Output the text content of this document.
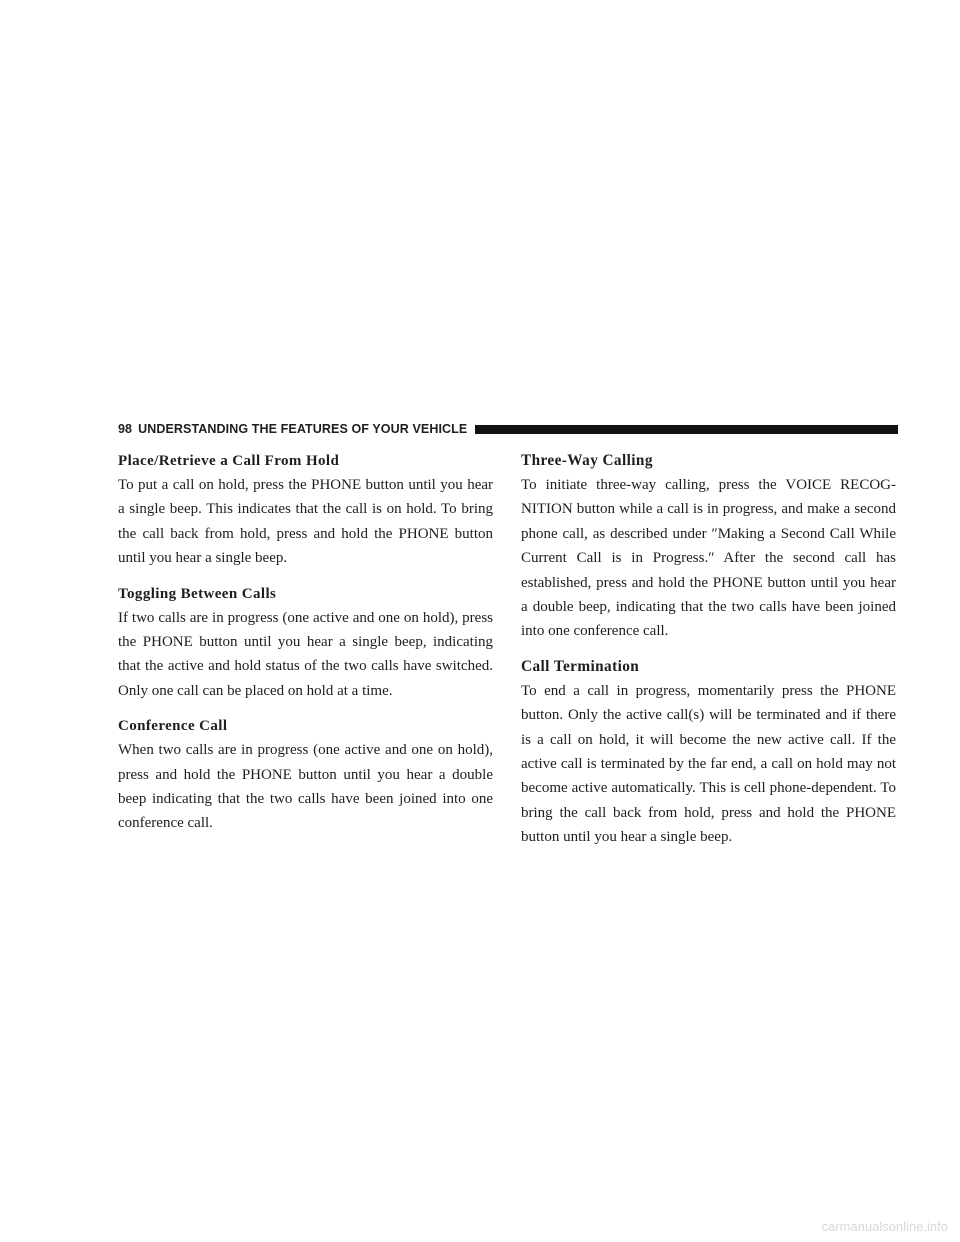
98 UNDERSTANDING THE FEATURES OF YOUR VEHICLE
Place/Retrieve a Call From Hold

To put a call on hold, press the PHONE button until you hear a single beep. This indicates that the call is on hold. To bring the call back from hold, press and hold the PHONE button until you hear a single beep.

Toggling Between Calls

If two calls are in progress (one active and one on hold), press the PHONE button until you hear a single beep, indicating that the active and hold status of the two calls have switched. Only one call can be placed on hold at a time.

Conference Call

When two calls are in progress (one active and one on hold), press and hold the PHONE button until you hear a double beep indicating that the two calls have been joined into one conference call.

Three-Way Calling

To initiate three-way calling, press the VOICE RECOG-NITION button while a call is in progress, and make a second phone call, as described under ″Making a Second Call While Current Call is in Progress.″ After the second call has established, press and hold the PHONE button until you hear a double beep, indicating that the two calls have been joined into one conference call.

Call Termination

To end a call in progress, momentarily press the PHONE button. Only the active call(s) will be terminated and if there is a call on hold, it will become the new active call. If the active call is terminated by the far end, a call on hold may not become active automatically. This is cell phone-dependent. To bring the call back from hold, press and hold the PHONE button until you hear a single beep.

carmanualsonline.info
